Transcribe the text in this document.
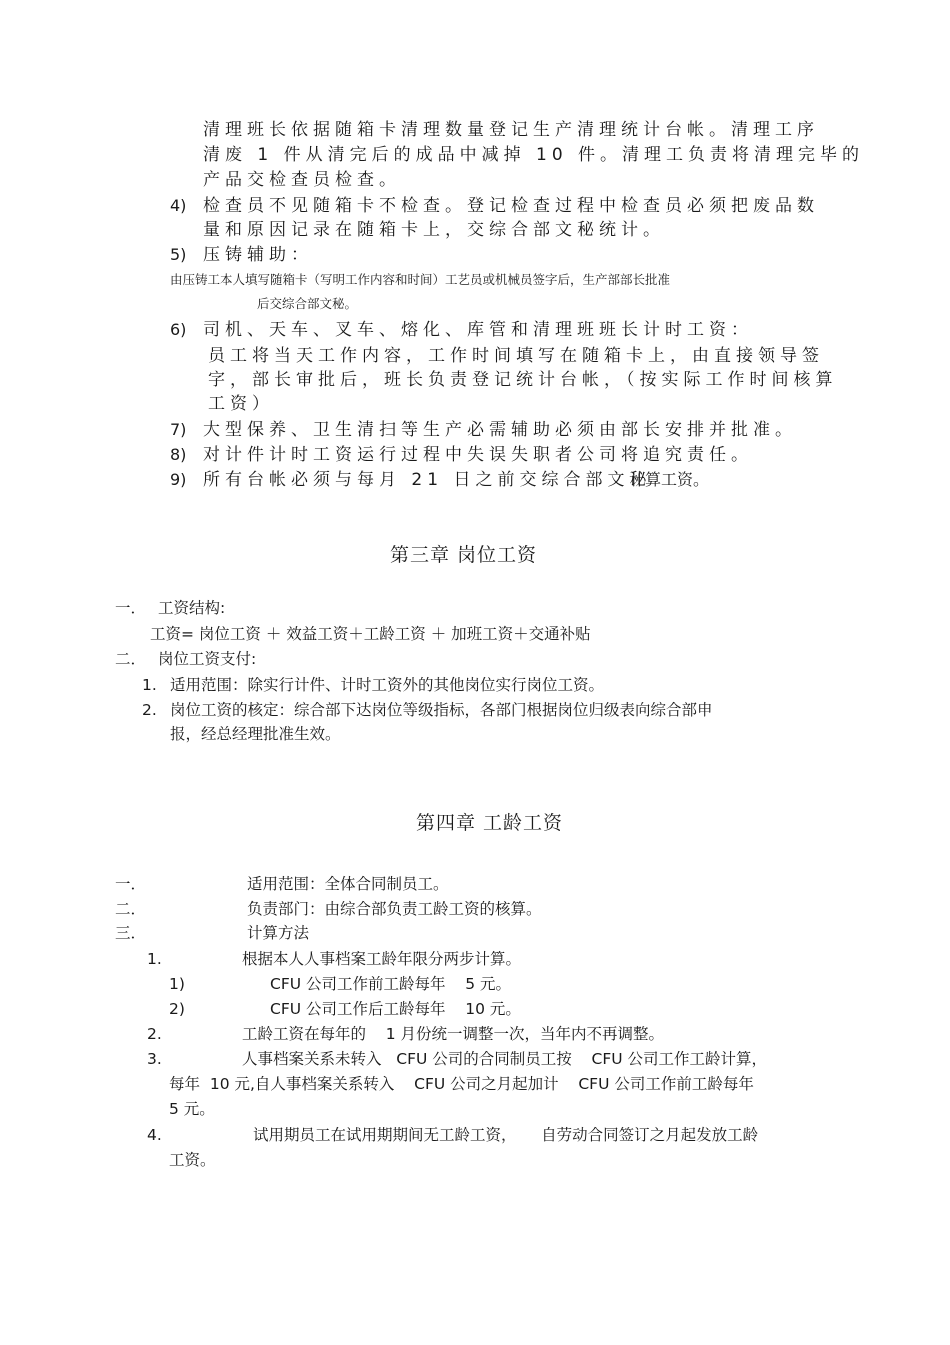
清理班长依据随箱卡清理数量登记生产清理统计台帐。清理工序
清废 1 件从清完后的成品中减掉 10 件。清理工负责将清理完毕的
产品交检查员检查。
4) 检查员不见随箱卡不检查。登记检查过程中检查员必须把废品数
量和原因记录在随箱卡上，交综合部文秘统计。
5) 压铸辅助：
由压铸工本人填写随箱卡（写明工作内容和时间）工艺员或机械员签字后，生产部部长批准
后交综合部文秘。
6) 司机、天车、叉车、熔化、库管和清理班班长计时工资：
员工将当天工作内容，工作时间填写在随箱卡上，由直接领导签
字，部长审批后，班长负责登记统计台帐，（按实际工作时间核算
工资）
7) 大型保养、卫生清扫等生产必需辅助必须由部长安排并批准。
8) 对计件计时工资运行过程中失误失职者公司将追究责任。
9) 所有台帐必须与每月 21 日之前交综合部文秘
计算工资。
第三章 岗位工资
一． 工资结构:
工资= 岗位工资 ＋ 效益工资＋工龄工资 ＋ 加班工资＋交通补贴
二． 岗位工资支付:
1. 适用范围：除实行计件、计时工资外的其他岗位实行岗位工资。
2. 岗位工资的核定：综合部下达岗位等级指标，各部门根据岗位归级表向综合部申
报，经总经理批准生效。
第四章 工龄工资
一．	适用范围：全体合同制员工。
二．	负责部门：由综合部负责工龄工资的核算。
三．	计算方法
1.	根据本人人事档案工龄年限分两步计算。
1)	CFU 公司工作前工龄每年    5 元。
2)	CFU 公司工作后工龄每年    10 元。
2.	工龄工资在每年的    1 月份统一调整一次，当年内不再调整。
3.	人事档案关系未转入   CFU 公司的合同制员工按    CFU 公司工作工龄计算，
每年  10 元,自人事档案关系转入    CFU 公司之月起加计    CFU 公司工作前工龄每年
5 元。
4.	试用期员工在试用期期间无工龄工资，     自劳动合同签订之月起发放工龄
工资。
